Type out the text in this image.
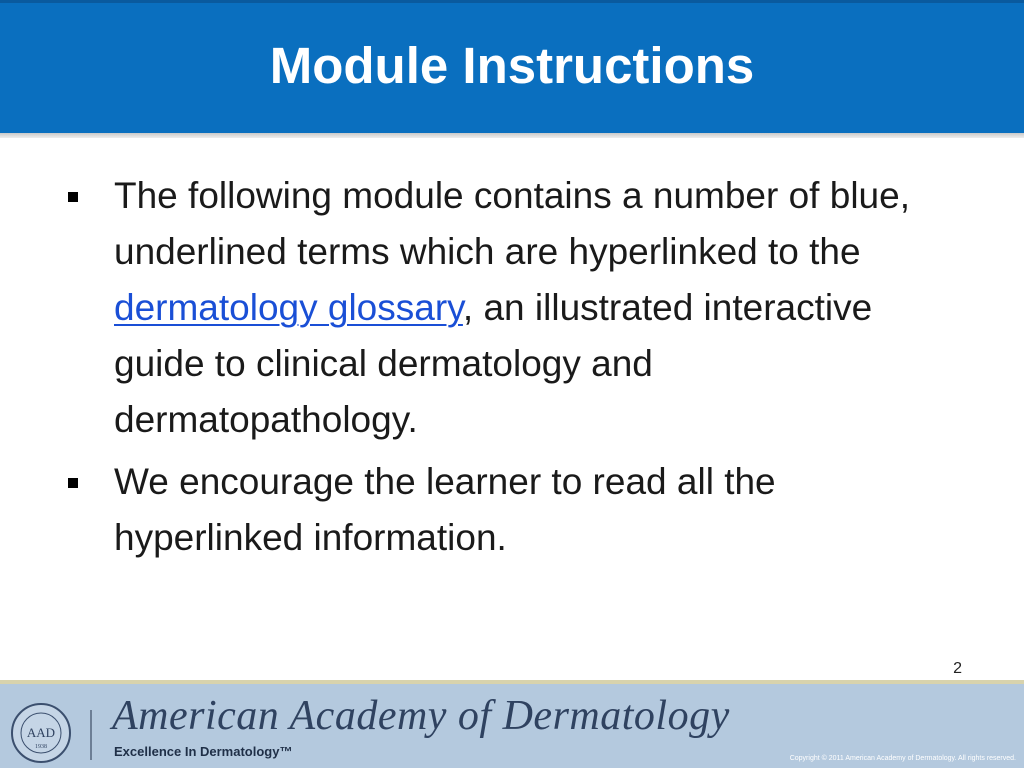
Module Instructions
The following module contains a number of blue, underlined terms which are hyperlinked to the dermatology glossary, an illustrated interactive guide to clinical dermatology and dermatopathology.
We encourage the learner to read all the hyperlinked information.
2
AAD
1938
American Academy of Dermatology
Excellence In Dermatology™	Copyright © 2011 American Academy of Dermatology. All rights reserved.
